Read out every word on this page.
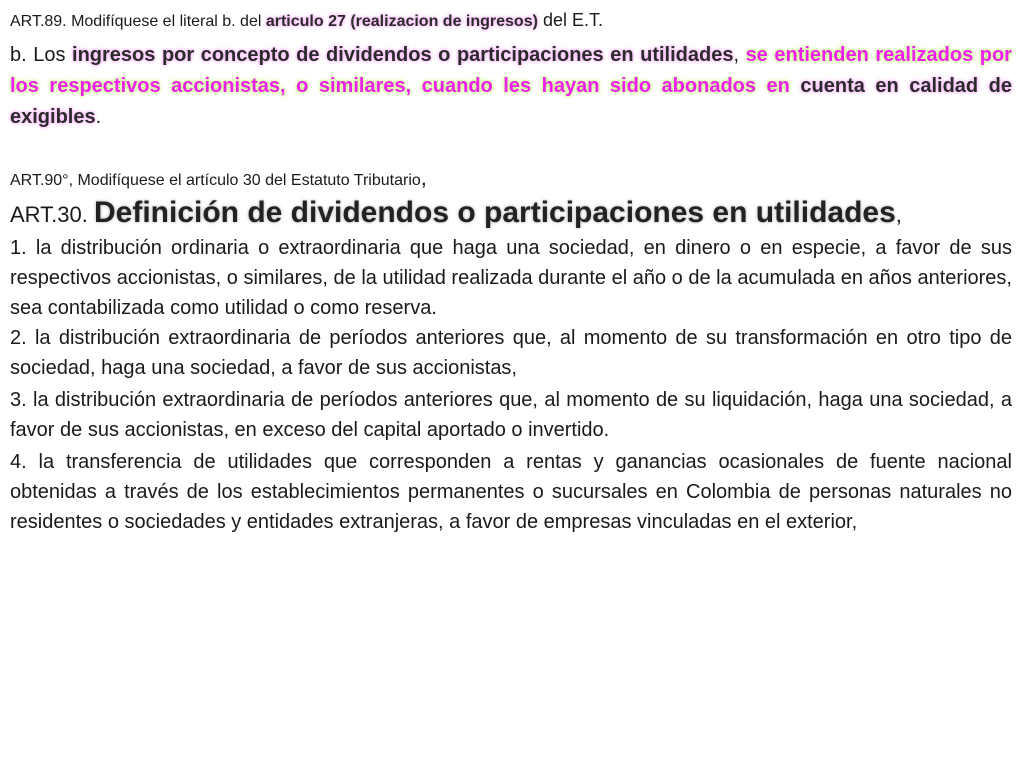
ART.89. Modifíquese el literal b. del articulo 27 (realizacion de ingresos) del E.T.

b. Los ingresos por concepto de dividendos o participaciones en utilidades, se entienden realizados por los respectivos accionistas, o similares, cuando les hayan sido abonados en cuenta en calidad de exigibles.

ART.90°, Modifíquese el artículo 30 del Estatuto Tributario,

ART.30. Definición de dividendos o participaciones en utilidades,

1. la distribución ordinaria o extraordinaria que haga una sociedad, en dinero o en especie, a favor de sus respectivos accionistas, o similares, de la utilidad realizada durante el año o de la acumulada en años anteriores, sea contabilizada como utilidad o como reserva.

2. la distribución extraordinaria de períodos anteriores que, al momento de su transformación en otro tipo de sociedad, haga una sociedad, a favor de sus accionistas,

3. la distribución extraordinaria de períodos anteriores que, al momento de su liquidación, haga una sociedad, a favor de sus accionistas, en exceso del capital aportado o invertido.

4. la transferencia de utilidades que corresponden a rentas y ganancias ocasionales de fuente nacional obtenidas a través de los establecimientos permanentes o sucursales en Colombia de personas naturales no residentes o sociedades y entidades extranjeras, a favor de empresas vinculadas en el exterior,
